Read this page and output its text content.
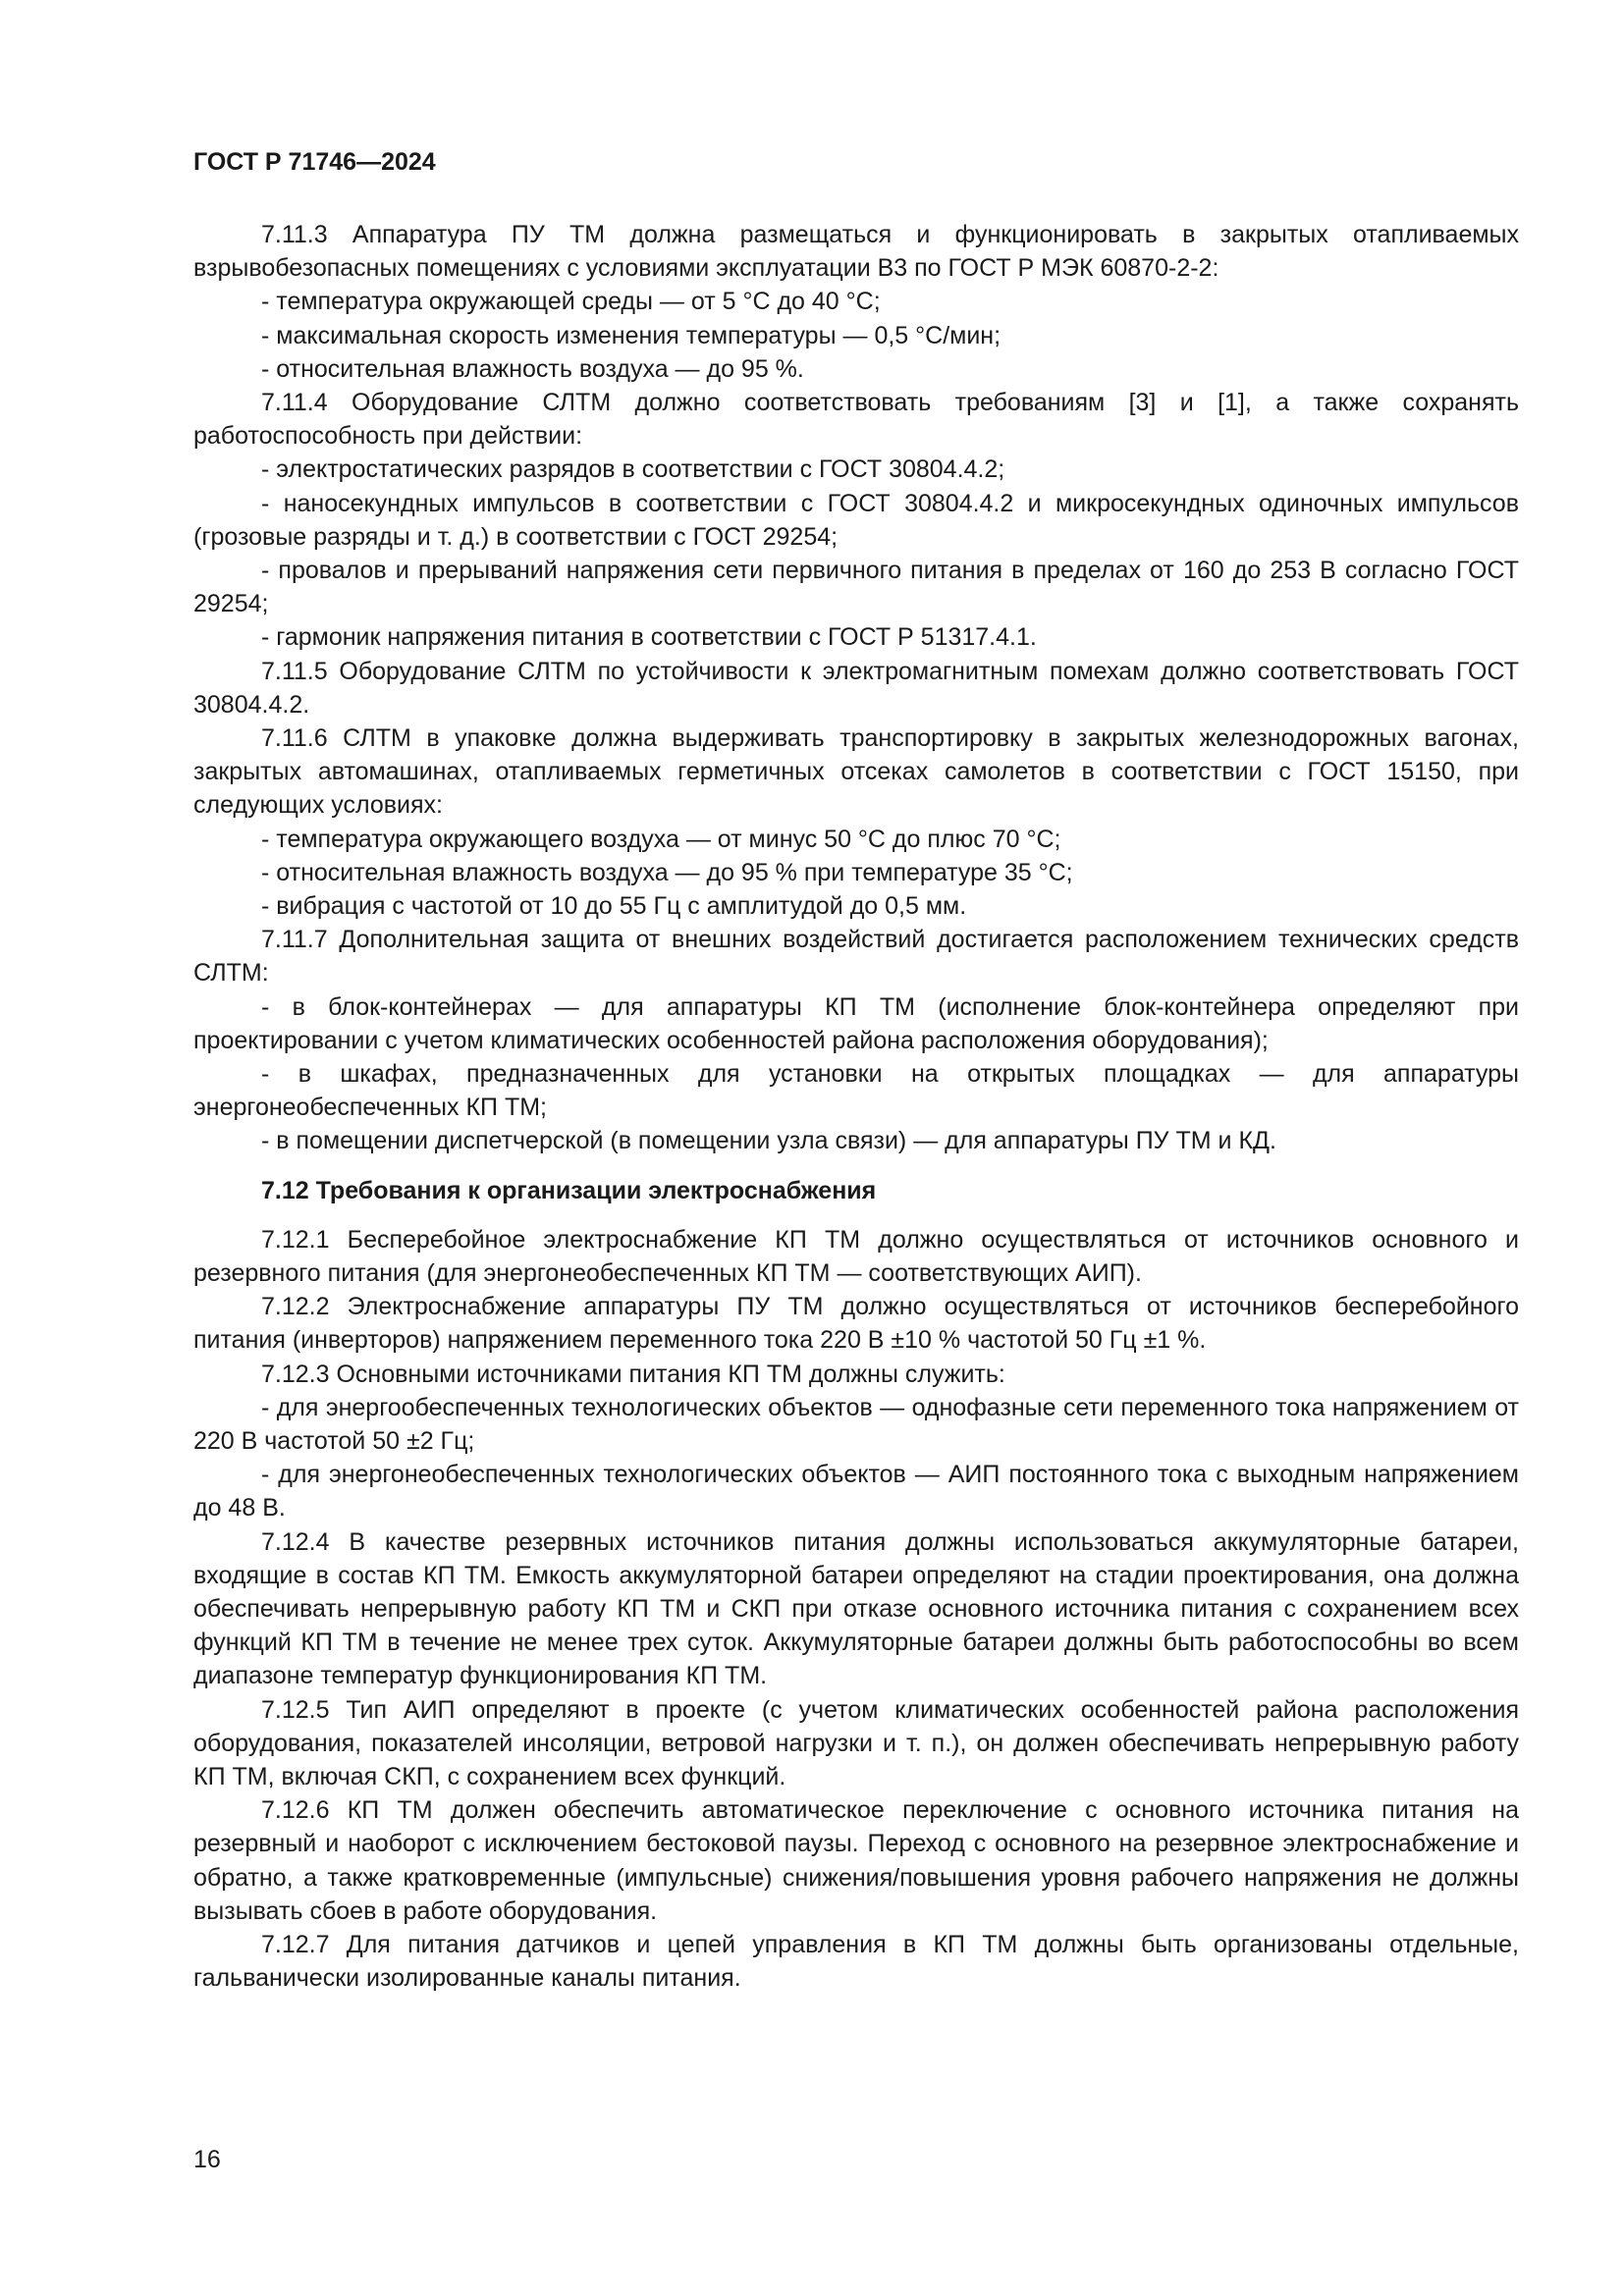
ГОСТ Р 71746—2024

7.11.3 Аппаратура ПУ ТМ должна размещаться и функционировать в закрытых отапливаемых взрывобезопасных помещениях с условиями эксплуатации В3 по ГОСТ Р МЭК 60870-2-2:

- температура окружающей среды — от 5 °С до 40 °С;

- максимальная скорость изменения температуры — 0,5 °С/мин;

- относительная влажность воздуха — до 95 %.

7.11.4 Оборудование СЛТМ должно соответствовать требованиям [3] и [1], а также сохранять работоспособность при действии:

- электростатических разрядов в соответствии с ГОСТ 30804.4.2;

- наносекундных импульсов в соответствии с ГОСТ 30804.4.2 и микросекундных одиночных импульсов (грозовые разряды и т. д.) в соответствии с ГОСТ 29254;

- провалов и прерываний напряжения сети первичного питания в пределах от 160 до 253 В согласно ГОСТ 29254;

- гармоник напряжения питания в соответствии с ГОСТ Р 51317.4.1.

7.11.5 Оборудование СЛТМ по устойчивости к электромагнитным помехам должно соответствовать ГОСТ 30804.4.2.

7.11.6 СЛТМ в упаковке должна выдерживать транспортировку в закрытых железнодорожных вагонах, закрытых автомашинах, отапливаемых герметичных отсеках самолетов в соответствии с ГОСТ 15150, при следующих условиях:

- температура окружающего воздуха — от минус 50 °С до плюс 70 °С;

- относительная влажность воздуха — до 95 % при температуре 35 °С;

- вибрация с частотой от 10 до 55 Гц с амплитудой до 0,5 мм.

7.11.7 Дополнительная защита от внешних воздействий достигается расположением технических средств СЛТМ:

- в блок-контейнерах — для аппаратуры КП ТМ (исполнение блок-контейнера определяют при проектировании с учетом климатических особенностей района расположения оборудования);

- в шкафах, предназначенных для установки на открытых площадках — для аппаратуры энергонеобеспеченных КП ТМ;

- в помещении диспетчерской (в помещении узла связи) — для аппаратуры ПУ ТМ и КД.

7.12 Требования к организации электроснабжения

7.12.1 Бесперебойное электроснабжение КП ТМ должно осуществляться от источников основного и резервного питания (для энергонеобеспеченных КП ТМ — соответствующих АИП).

7.12.2 Электроснабжение аппаратуры ПУ ТМ должно осуществляться от источников бесперебойного питания (инверторов) напряжением переменного тока 220 В ±10 % частотой 50 Гц ±1 %.

7.12.3 Основными источниками питания КП ТМ должны служить:

- для энергообеспеченных технологических объектов — однофазные сети переменного тока напряжением от 220 В частотой 50 ±2 Гц;

- для энергонеобеспеченных технологических объектов — АИП постоянного тока с выходным напряжением до 48 В.

7.12.4 В качестве резервных источников питания должны использоваться аккумуляторные батареи, входящие в состав КП ТМ. Емкость аккумуляторной батареи определяют на стадии проектирования, она должна обеспечивать непрерывную работу КП ТМ и СКП при отказе основного источника питания с сохранением всех функций КП ТМ в течение не менее трех суток. Аккумуляторные батареи должны быть работоспособны во всем диапазоне температур функционирования КП ТМ.

7.12.5 Тип АИП определяют в проекте (с учетом климатических особенностей района расположения оборудования, показателей инсоляции, ветровой нагрузки и т. п.), он должен обеспечивать непрерывную работу КП ТМ, включая СКП, с сохранением всех функций.

7.12.6 КП ТМ должен обеспечить автоматическое переключение с основного источника питания на резервный и наоборот с исключением бестоковой паузы. Переход с основного на резервное электроснабжение и обратно, а также кратковременные (импульсные) снижения/повышения уровня рабочего напряжения не должны вызывать сбоев в работе оборудования.

7.12.7 Для питания датчиков и цепей управления в КП ТМ должны быть организованы отдельные, гальванически изолированные каналы питания.

16
